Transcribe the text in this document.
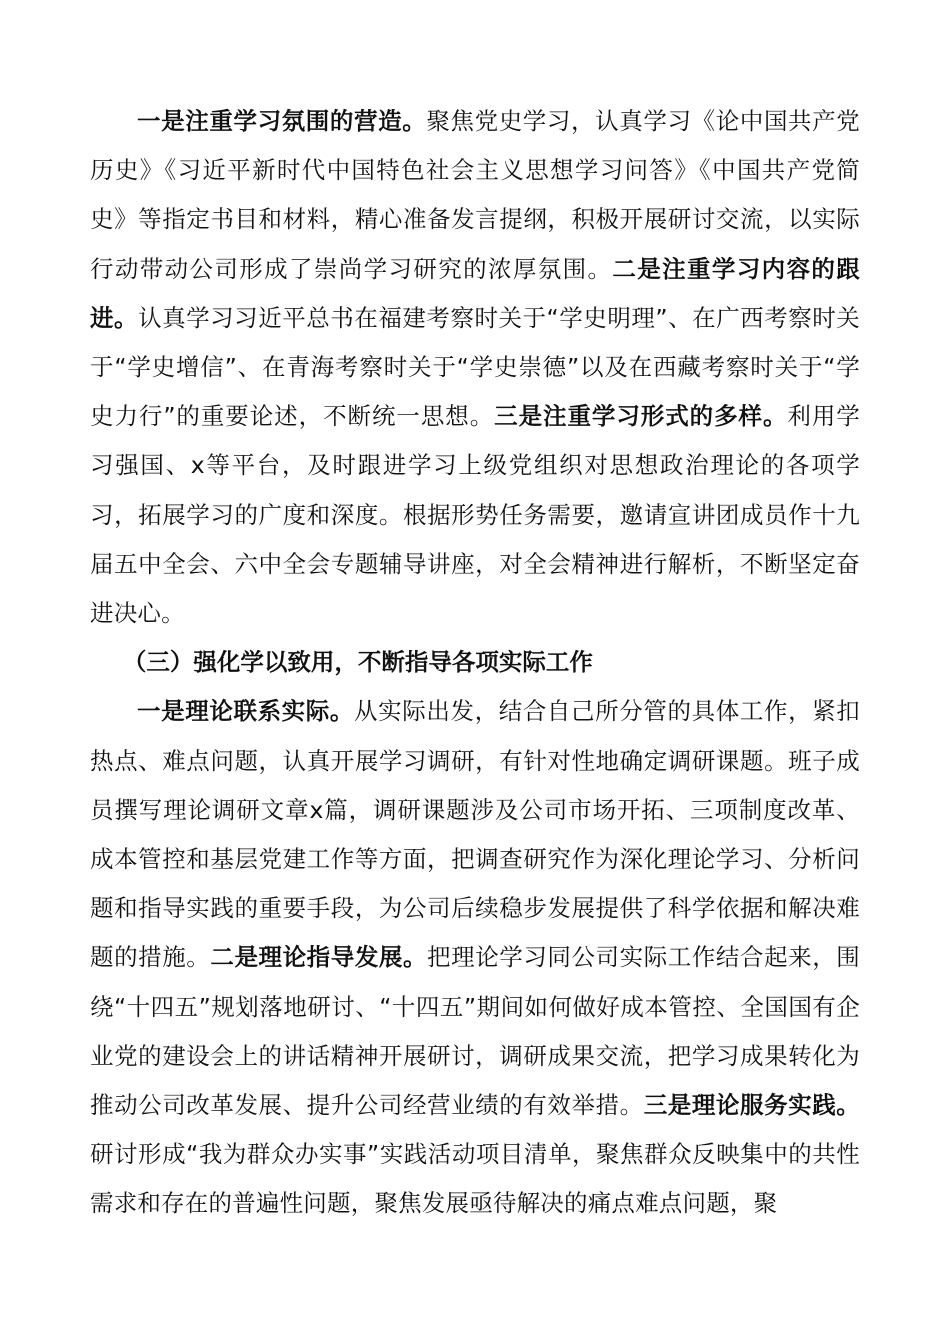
一是注重学习氛围的营造。聚焦党史学习，认真学习《论中国共产党历史》《习近平新时代中国特色社会主义思想学习问答》《中国共产党简史》等指定书目和材料，精心准备发言提纲，积极开展研讨交流，以实际行动带动公司形成了崇尚学习研究的浓厚氛围。二是注重学习内容的跟进。认真学习习近平总书在福建考察时关于“学史明理”、在广西考察时关于“学史增信”、在青海考察时关于“学史崇德”以及在西藏考察时关于“学史力行”的重要论述，不断统一思想。三是注重学习形式的多样。利用学习强国、x等平台，及时跟进学习上级党组织对思想政治理论的各项学习，拓展学习的广度和深度。根据形势任务需要，邀请宣讲团成员作十九届五中全会、六中全会专题辅导讲座，对全会精神进行解析，不断坚定奋进决心。

（三）强化学以致用，不断指导各项实际工作

一是理论联系实际。从实际出发，结合自己所分管的具体工作，紧扣热点、难点问题，认真开展学习调研，有针对性地确定调研课题。班子成员撰写理论调研文章x篇，调研课题涉及公司市场开拓、三项制度改革、成本管控和基层党建工作等方面，把调查研究作为深化理论学习、分析问题和指导实践的重要手段，为公司后续稳步发展提供了科学依据和解决难题的措施。二是理论指导发展。把理论学习同公司实际工作结合起来，围绕“十四五”规划落地研讨、“十四五”期间如何做好成本管控、全国国有企业党的建设会上的讲话精神开展研讨，调研成果交流，把学习成果转化为推动公司改革发展、提升公司经营业绩的有效举措。三是理论服务实践。研讨形成“我为群众办实事”实践活动项目清单，聚焦群众反映集中的共性需求和存在的普遍性问题，聚焦发展亟待解决的痛点难点问题，聚
